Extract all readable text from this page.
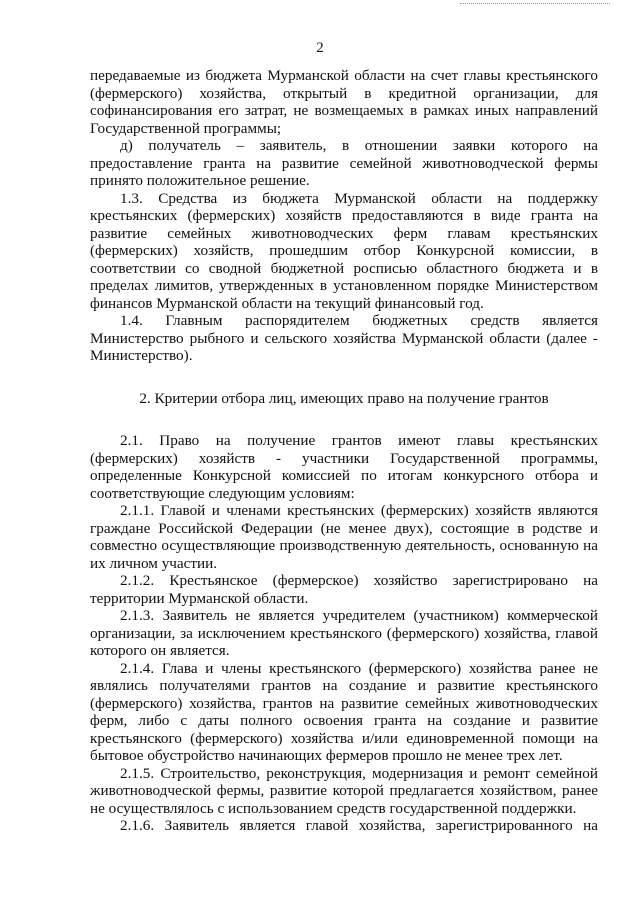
2

передаваемые из бюджета Мурманской области на счет главы крестьянского (фермерского) хозяйства, открытый в кредитной организации, для софинансирования его затрат, не возмещаемых в рамках иных направлений Государственной программы;

д) получатель – заявитель, в отношении заявки которого на предоставление гранта на развитие семейной животноводческой фермы принято положительное решение.

1.3. Средства из бюджета Мурманской области на поддержку крестьянских (фермерских) хозяйств предоставляются в виде гранта на развитие семейных животноводческих ферм главам крестьянских (фермерских) хозяйств, прошедшим отбор Конкурсной комиссии, в соответствии со сводной бюджетной росписью областного бюджета и в пределах лимитов, утвержденных в установленном порядке Министерством финансов Мурманской области на текущий финансовый год.

1.4. Главным распорядителем бюджетных средств является Министерство рыбного и сельского хозяйства Мурманской области (далее - Министерство).

2. Критерии отбора лиц, имеющих право на получение грантов

2.1. Право на получение грантов имеют главы крестьянских (фермерских) хозяйств - участники Государственной программы, определенные Конкурсной комиссией по итогам конкурсного отбора и соответствующие следующим условиям:

2.1.1. Главой и членами крестьянских (фермерских) хозяйств являются граждане Российской Федерации (не менее двух), состоящие в родстве и совместно осуществляющие производственную деятельность, основанную на их личном участии.

2.1.2. Крестьянское (фермерское) хозяйство зарегистрировано на территории Мурманской области.

2.1.3. Заявитель не является учредителем (участником) коммерческой организации, за исключением крестьянского (фермерского) хозяйства, главой которого он является.

2.1.4. Глава и члены крестьянского (фермерского) хозяйства ранее не являлись получателями грантов на создание и развитие крестьянского (фермерского) хозяйства, грантов на развитие семейных животноводческих ферм, либо с даты полного освоения гранта на создание и развитие крестьянского (фермерского) хозяйства и/или единовременной помощи на бытовое обустройство начинающих фермеров прошло не менее трех лет.

2.1.5. Строительство, реконструкция, модернизация и ремонт семейной животноводческой фермы, развитие которой предлагается хозяйством, ранее не осуществлялось с использованием средств государственной поддержки.

2.1.6. Заявитель является главой хозяйства, зарегистрированного на
